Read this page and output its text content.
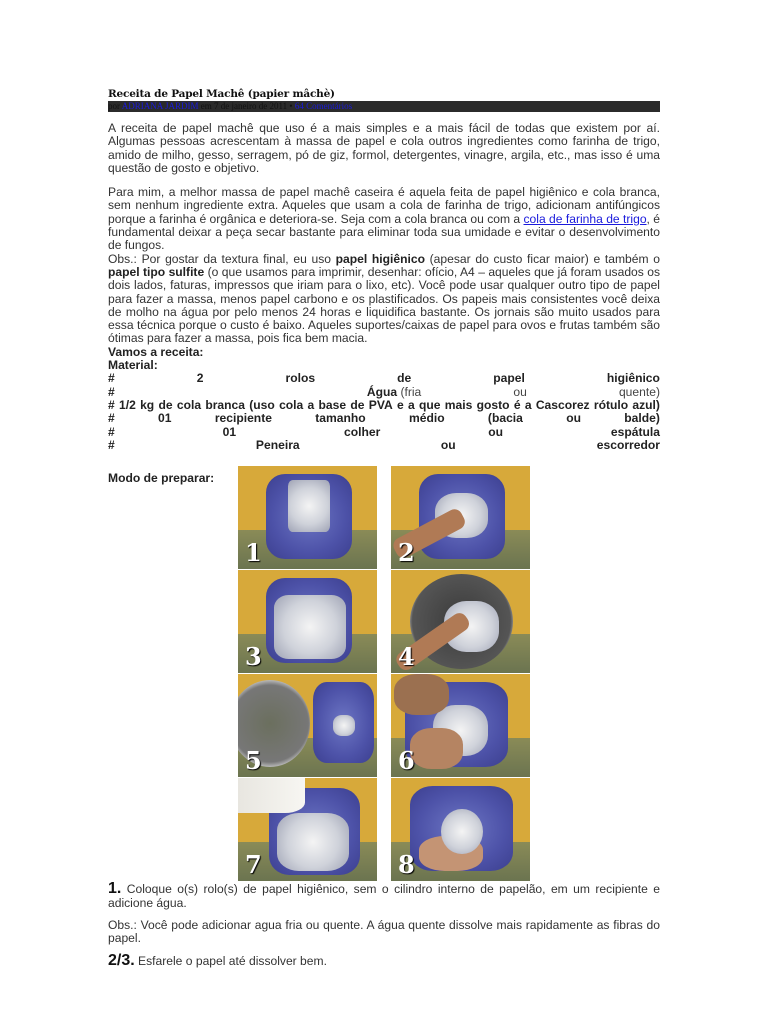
Receita de Papel Machê (papier mâchè)
por ADRIANA JARDIM em 7 de janeiro de 2011 • 64 Comentários

A receita de papel machê que uso é a mais simples e a mais fácil de todas que existem por aí. Algumas pessoas acrescentam à massa de papel e cola outros ingredientes como farinha de trigo, amido de milho, gesso, serragem, pó de giz, formol, detergentes, vinagre, argila, etc., mas isso é uma questão de gosto e objetivo.

Para mim, a melhor massa de papel machê caseira é aquela feita de papel higiênico e cola branca, sem nenhum ingrediente extra. Aqueles que usam a cola de farinha de trigo, adicionam antifúngicos porque a farinha é orgânica e deteriora-se. Seja com a cola branca ou com a cola de farinha de trigo, é fundamental deixar a peça secar bastante para eliminar toda sua umidade e evitar o desenvolvimento de fungos.

Obs.: Por gostar da textura final, eu uso papel higiênico (apesar do custo ficar maior) e também o papel tipo sulfite (o que usamos para imprimir, desenhar: ofício, A4 – aqueles que já foram usados os dois lados, faturas, impressos que iriam para o lixo, etc). Você pode usar qualquer outro tipo de papel para fazer a massa, menos papel carbono e os plastificados. Os papeis mais consistentes você deixa de molho na água por pelo menos 24 horas e liquidifica bastante. Os jornais são muito usados para essa técnica porque o custo é baixo. Aqueles suportes/caixas de papel para ovos e frutas também são ótimas para fazer a massa, pois fica bem macia.

Vamos a receita:
Material:
#	2	rolos	de	papel	higiênico
#	Água (fria	ou	quente)
# 1/2 kg de cola branca (uso cola a base de PVA e a que mais gosto é a Cascorez rótulo azul)
#	01	recipiente	tamanho	médio	(bacia	ou	balde)
#	01	colher	ou	espátula
#	Peneira	ou	escorredor
Modo de preparar:
1	2
3	4
5	6
7	8

1. Coloque o(s) rolo(s) de papel higiênico, sem o cilindro interno de papelão, em um recipiente e adicione água.

Obs.: Você pode adicionar agua fria ou quente. A água quente dissolve mais rapidamente as fibras do papel.

2/3. Esfarele o papel até dissolver bem.
